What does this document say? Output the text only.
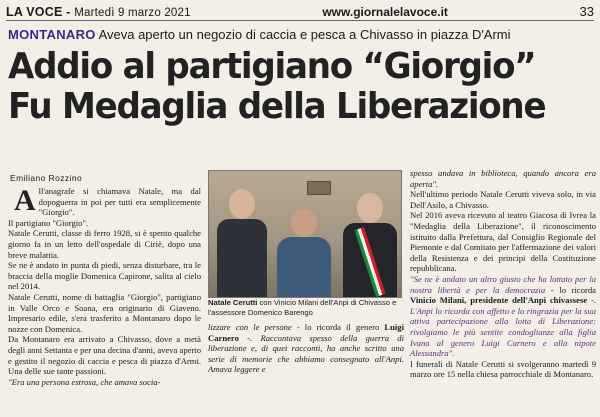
LA VOCE - Martedì 9 marzo 2021	www.giornalelavoce.it	33
MONTANARO Aveva aperto un negozio di caccia e pesca a Chivasso in piazza D'Armi
Addio al partigiano “Giorgio”
Fu Medaglia della Liberazione
Emiliano Rozzino

All'anagrafe si chiamava Natale, ma dal dopoguerra in poi per tutti era semplicemente "Giorgio".

Il partigiano "Giorgio".

Natale Cerutti, classe di ferro 1928, si è spento qualche giorno fa in un letto dell'ospedale di Ciriè, dopo una breve malattia.

Se ne è andato in punta di piedi, senza disturbare, tra le braccia della moglie Domenica Capirone, salita al cielo nel 2014.

Natale Cerutti, nome di battaglia "Giorgio", partigiano in Valle Orco e Soana, era originario di Giaveno. Impresario edile, s'era trasferito a Montanaro dopo le nozze con Domenica.

Da Montanaro era arrivato a Chivasso, dove a metà degli anni Settanta e per una decina d'anni, aveva aperto e gestito il negozio di caccia e pesca di piazza d'Armi. Una delle sue tante passioni.

"Era una persona estrosa, che amava socia-

Natale Cerutti con Vinicio Milani dell'Anpi di Chivasso e l'assessore Domenico Barengo

lizzare con le persone - lo ricorda il genero Luigi Carnero -. Raccontava spesso della guerra di liberazione e, di quei racconti, ha anche scritto una serie di memorie che abbiamo consegnato all'Anpi. Amava leggere e

spesso andava in biblioteca, quando ancora era aperta".

Nell'ultimo periodo Natale Cerutti viveva solo, in via Dell'Asilo, a Chivasso.

Nel 2016 aveva ricevuto al teatro Giacosa di Ivrea la "Medaglia della Liberazione", il riconoscimento istituito dalla Prefettura, dal Consiglio Regionale del Piemonte e dal Comitato per l'affermazione dei valori della Resistenza e dei principi della Costituzione repubblicana.

"Se ne è andato un altro giusto che ha lottato per la nostra libertà e per la democrazia - lo ricorda Vinicio Milani, presidente dell'Anpi chivassese -. L'Anpi lo ricorda con affetto e lo ringrazia per la sua attiva partecipazione alla lotta di Liberazione: rivolgiamo le più sentite condoglianze alla figlia Ivana al genero Luigi Carnero e alla nipote Alessandra".

I funerali di Natale Cerutti si svolgeranno martedì 9 marzo ore 15 nella chiesa parrocchiale di Montanaro.
